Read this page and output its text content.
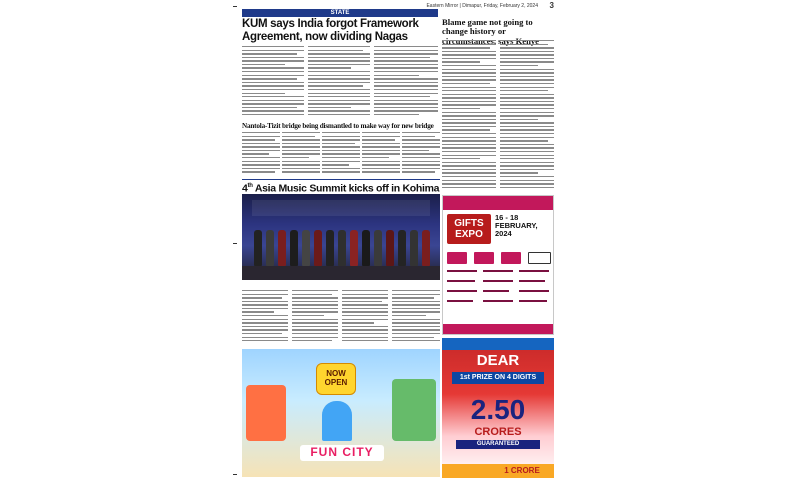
Eastern Mirror | Dimapur, Friday, February 2, 2024 3
STATE
KUM says India forgot Framework Agreement, now dividing Nagas
Blame game not going to change history or
Nantola-Tizit bridge being dismantled to make way for new bridge
4th Asia Music Summit kicks off in Kohima
NOW OPEN
FUN CITY

GIFTS EXPO
16 - 18 FEBRUARY, 2024
DEAR
1st PRIZE ON 4 DIGITS
2.50
CRORES
GUARANTEED
1 CRORE
